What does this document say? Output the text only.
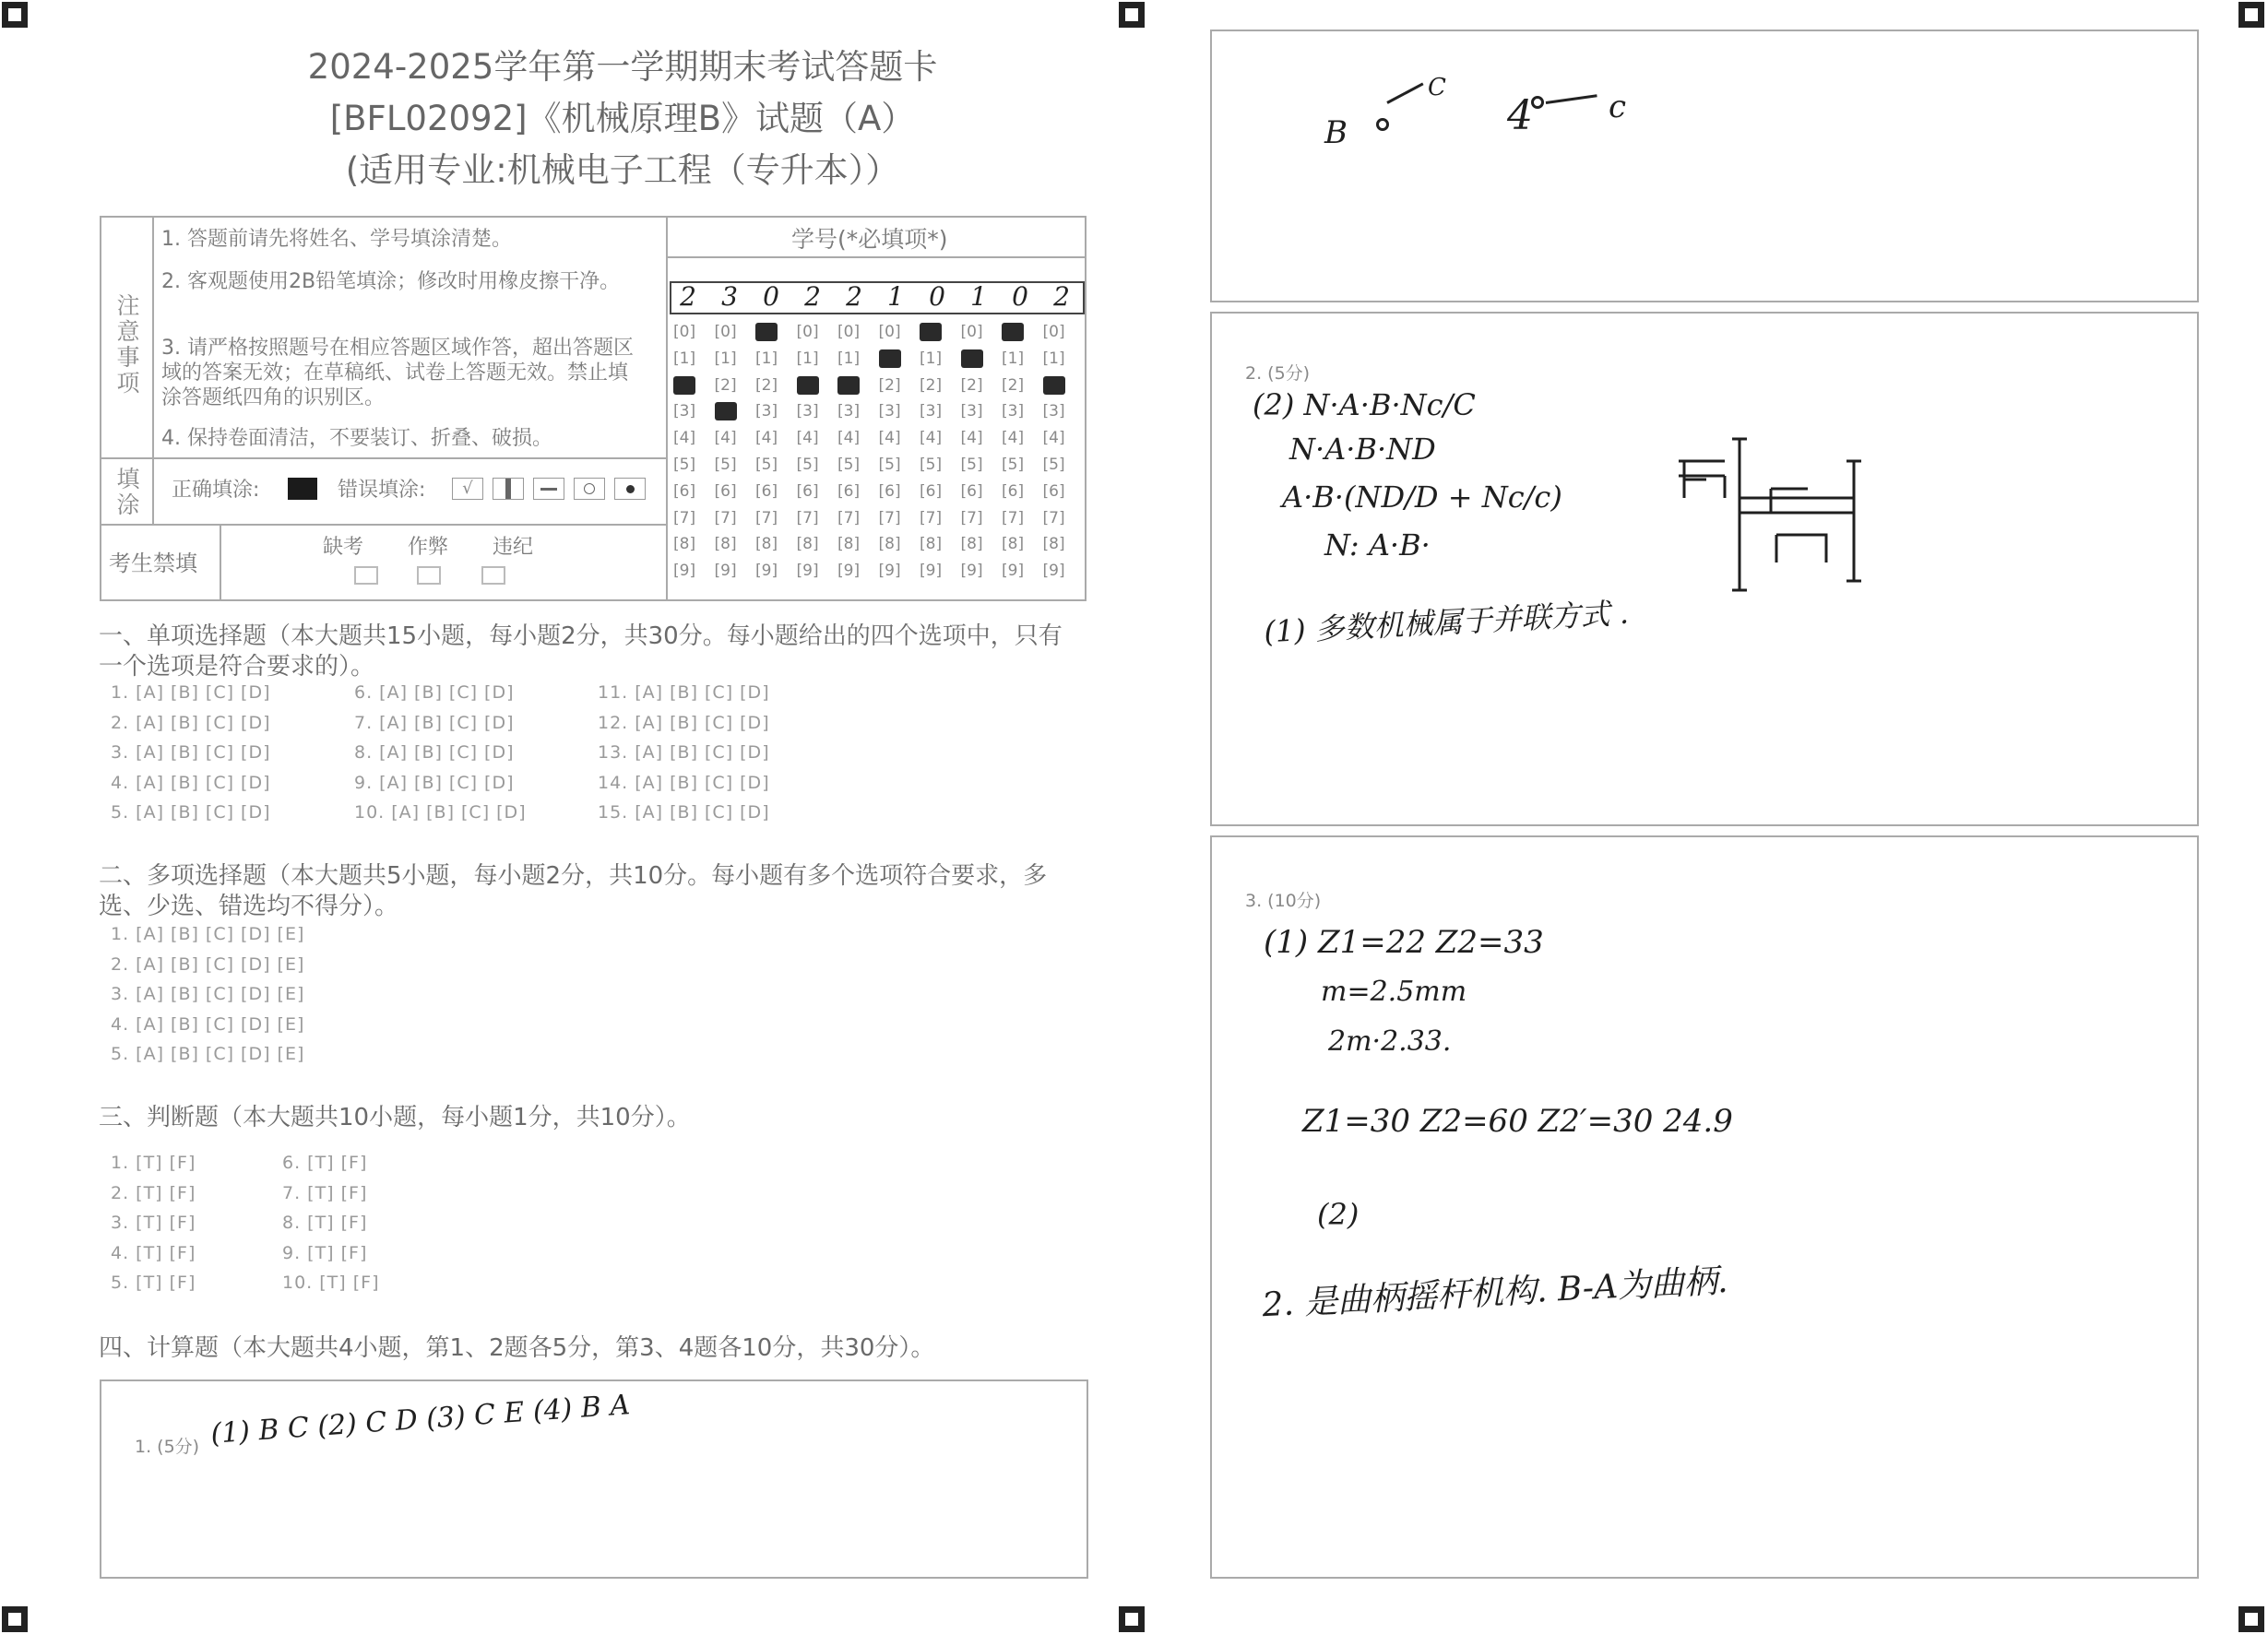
2024-2025学年第一学期期末考试答题卡
[BFL02092]《机械原理B》试题（A）
(适用专业:机械电子工程（专升本））
注意事项
1. 答题前请先将姓名、学号填涂清楚。
2. 客观题使用2B铅笔填涂；修改时用橡皮擦干净。
3. 请严格按照题号在相应答题区域作答，超出答题区域的答案无效；在草稿纸、试卷上答题无效。禁止填涂答题纸四角的识别区。
4. 保持卷面清洁，不要装订、折叠、破损。
填涂
正确填涂:	错误填涂:	√
考生禁填
缺考 作弊 违纪
学号(*必填项*)
2 3 0 2 2 1 0 1 0 2
[0]
[1]
[3]
[4]
[5]
[6]
[7]
[8]
[9]
[0]
[1]
[2]
[4]
[5]
[6]
[7]
[8]
[9]
[1]
[2]
[3]
[4]
[5]
[6]
[7]
[8]
[9]
[0]
[1]
[3]
[4]
[5]
[6]
[7]
[8]
[9]
[0]
[1]
[3]
[4]
[5]
[6]
[7]
[8]
[9]
[0]
[2]
[3]
[4]
[5]
[6]
[7]
[8]
[9]
[1]
[2]
[3]
[4]
[5]
[6]
[7]
[8]
[9]
[0]
[2]
[3]
[4]
[5]
[6]
[7]
[8]
[9]
[1]
[2]
[3]
[4]
[5]
[6]
[7]
[8]
[9]
[0]
[1]
[3]
[4]
[5]
[6]
[7]
[8]
[9]
一、单项选择题（本大题共15小题，每小题2分，共30分。每小题给出的四个选项中，只有一个选项是符合要求的）。
1. [A] [B] [C] [D]
2. [A] [B] [C] [D]
3. [A] [B] [C] [D]
4. [A] [B] [C] [D]
5. [A] [B] [C] [D]
6. [A] [B] [C] [D]
7. [A] [B] [C] [D]
8. [A] [B] [C] [D]
9. [A] [B] [C] [D]
10. [A] [B] [C] [D]
11. [A] [B] [C] [D]
12. [A] [B] [C] [D]
13. [A] [B] [C] [D]
14. [A] [B] [C] [D]
15. [A] [B] [C] [D]
二、多项选择题（本大题共5小题，每小题2分，共10分。每小题有多个选项符合要求，多选、少选、错选均不得分）。
1. [A] [B] [C] [D] [E]
2. [A] [B] [C] [D] [E]
3. [A] [B] [C] [D] [E]
4. [A] [B] [C] [D] [E]
5. [A] [B] [C] [D] [E]
三、判断题（本大题共10小题，每小题1分，共10分）。
1. [T] [F]
2. [T] [F]
3. [T] [F]
4. [T] [F]
5. [T] [F]
6. [T] [F]
7. [T] [F]
8. [T] [F]
9. [T] [F]
10. [T] [F]
四、计算题（本大题共4小题，第1、2题各5分，第3、4题各10分，共30分）。
1. (5分) (1) B C (2) C D (3) C E (4) B A
B
C
4 c
2. (5分)
(2) N·A·B·Nc/C
N·A·B·ND
A·B·(ND/D + Nc/c)
N: A·B·
(1) 多数机械属于并联方式 .
3. (10分)
(1) Z1=22 Z2=33
m=2.5mm
2m·2.33.
Z1=30 Z2=60 Z2′=30 24.9
(2)
2. 是曲柄摇杆机构. B-A为曲柄.
